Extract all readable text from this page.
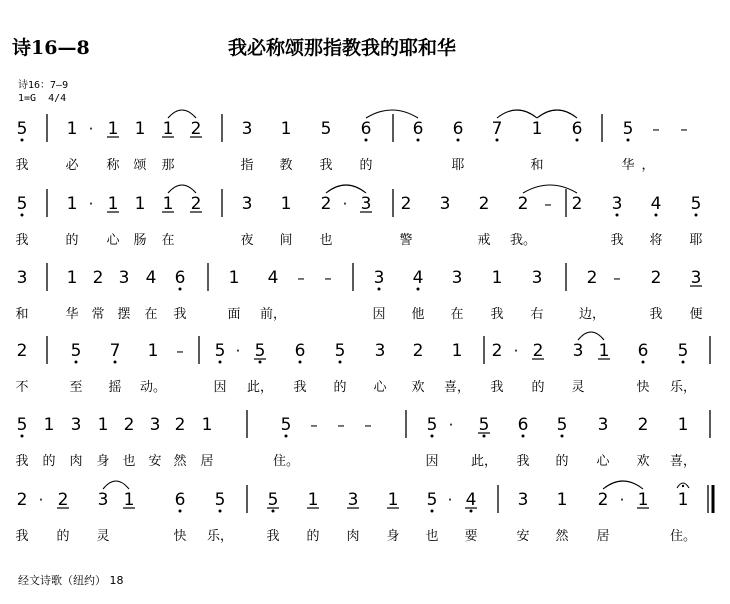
诗16—8	我必称颂那指教我的耶和华
诗16：7—9
1=G  4/4
5 1 · 1 1 1 2 3 1 5 6 6 6 7 1 6 5 – –
我	必 称 颂 那	指 教 我 的	耶	和	华 ，
5 1 · 1 1 1 2 3 1 2 · 3 2 3 2 2 – 2 3 4 5
我	的 心 肠 在	夜 间 也	警	戒 我。	我 将 耶
3 1 2 3 4 6	1 4 – – 3 4 3 1 3	2 – 2 3
和	华 常 摆 在 我	面 前，	因 他 在 我 右	边，	我 便
2	5 7 1 – 5 · 5 6 5 3 2 1 2 · 2 3 1 6 5
不	至 摇 动。	因 此， 我 的 心 欢 喜， 我 的 灵	快 乐，
5 1 3 1 2 3 2 1	5 – – –	5 · 5 6 5 3 2 1
我 的 肉 身 也 安 然 居	住。	因 此， 我 的 心 欢 喜，
2 · 2 3 1 6 5 5 1 3 1 5 · 4 3 1 2 · 1 1
我 的 灵	快 乐，	我 的 肉 身 也 要	安 然 居	住。
经文诗歌（纽约） 18
